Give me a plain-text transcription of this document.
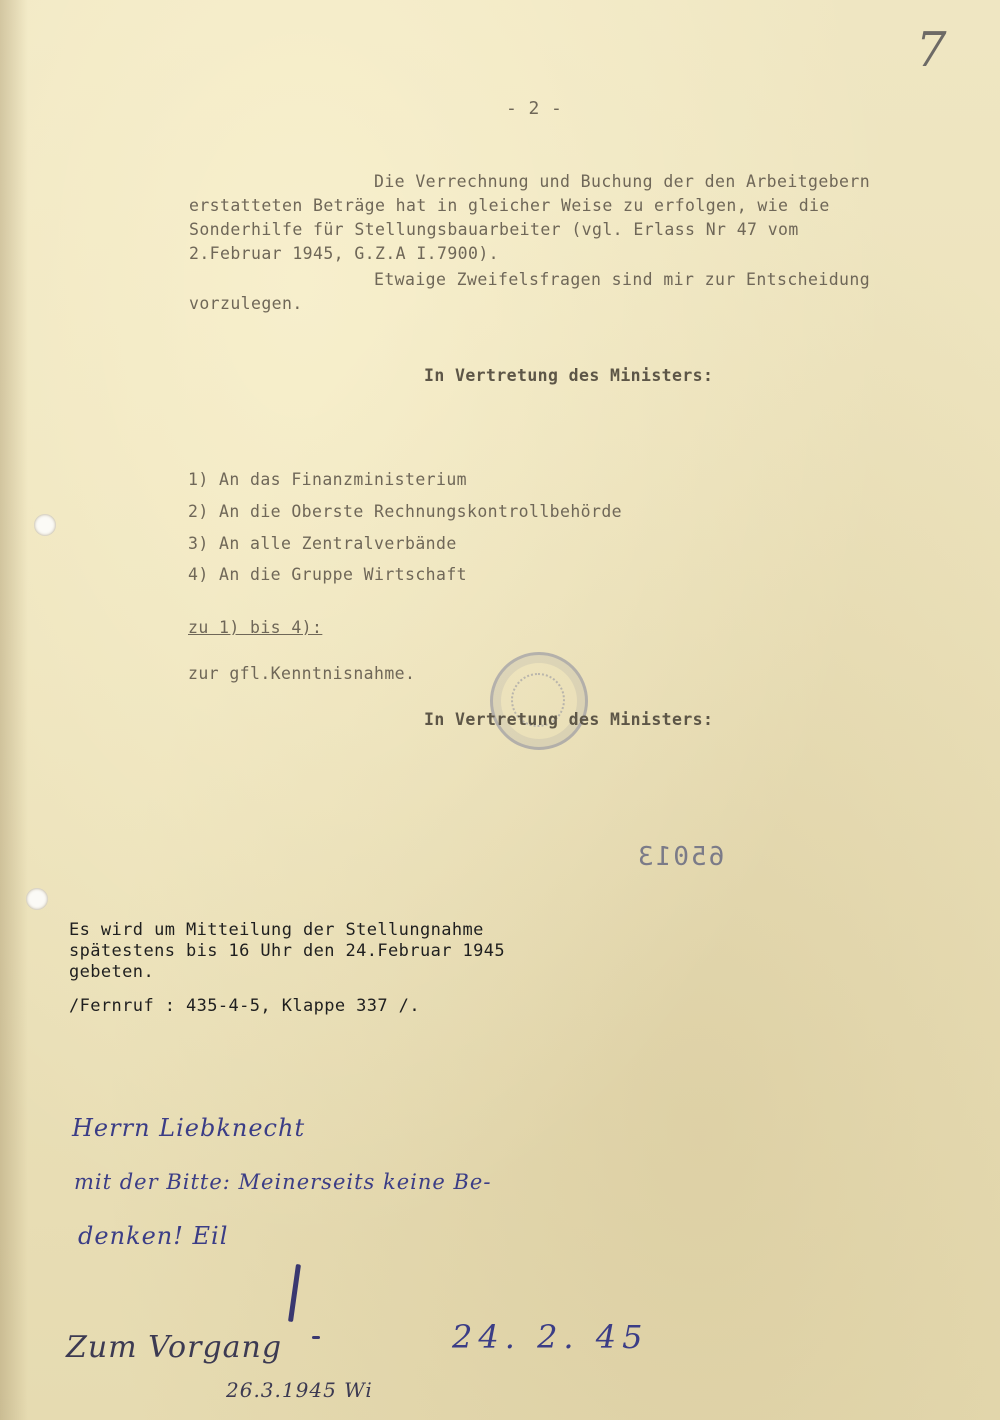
7
- 2 -
Die Verrechnung und Buchung der den Arbeitgebern
erstatteten Beträge hat in gleicher Weise zu erfolgen, wie die
Sonderhilfe für Stellungsbauarbeiter (vgl. Erlass Nr 47 vom
2.Februar 1945, G.Z.A I.7900).
Etwaige Zweifelsfragen sind mir zur Entscheidung
vorzulegen.
In Vertretung des Ministers:
1) An das Finanzministerium
2) An die Oberste Rechnungskontrollbehörde
3) An alle Zentralverbände
4) An die Gruppe Wirtschaft
zu 1) bis 4):
zur gfl.Kenntnisnahme.
In Vertretung des Ministers:
65013
Es wird um Mitteilung der Stellungnahme
spätestens bis 16 Uhr den 24.Februar 1945
gebeten.
/Fernruf : 435-4-5, Klappe 337 /.
Herrn Liebknecht
mit der Bitte: Meinerseits keine Be-
denken! Eil
Zum Vorgang	24. 2. 45
26.3.1945 Wi
